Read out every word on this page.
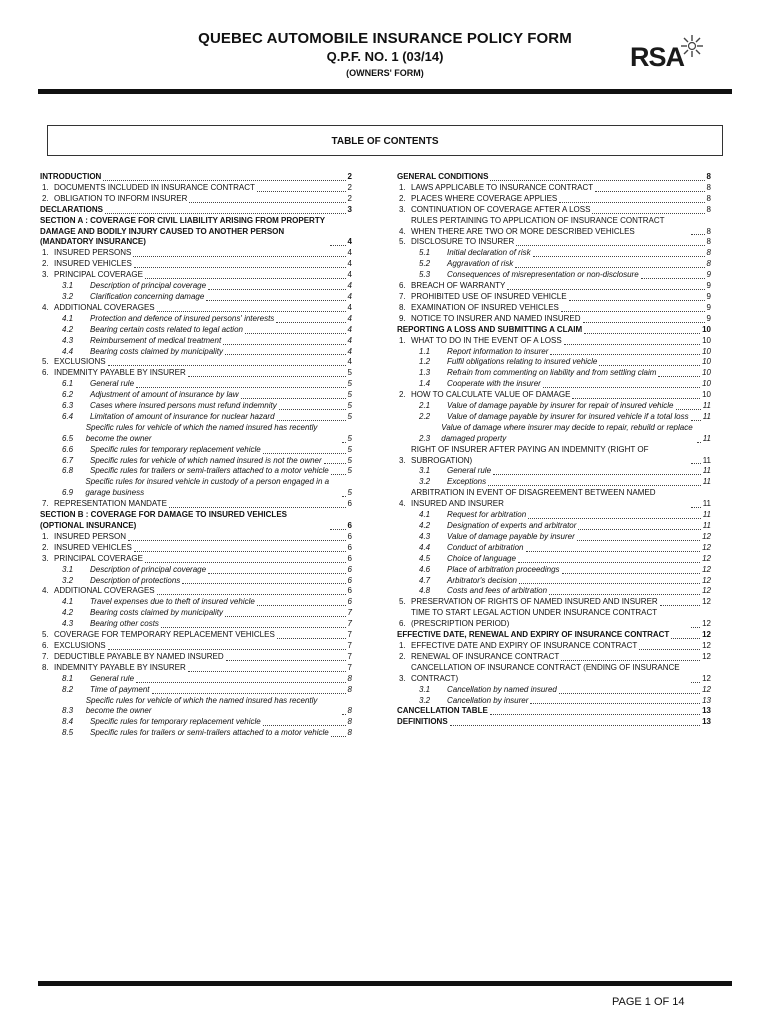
QUEBEC AUTOMOBILE INSURANCE POLICY FORM
Q.P.F. NO. 1 (03/14)
(OWNERS' FORM)
RSA
TABLE OF CONTENTS
INTRODUCTION	2
1. DOCUMENTS INCLUDED IN INSURANCE CONTRACT	2
2. OBLIGATION TO INFORM INSURER	2
DECLARATIONS	3
SECTION A : COVERAGE FOR CIVIL LIABILITY ARISING FROM PROPERTY DAMAGE AND BODILY INJURY CAUSED TO ANOTHER PERSON (MANDATORY INSURANCE)	4
1. INSURED PERSONS	4
2. INSURED VEHICLES	4
3. PRINCIPAL COVERAGE	4
3.1	Description of principal coverage	4
3.2	Clarification concerning damage	4
4. ADDITIONAL COVERAGES	4
4.1	Protection and defence of insured persons' interests	4
4.2	Bearing certain costs related to legal action	4
4.3	Reimbursement of medical treatment	4
4.4	Bearing costs claimed by municipality	4
5. EXCLUSIONS	4
6. INDEMNITY PAYABLE BY INSURER	5
6.1	General rule	5
6.2	Adjustment of amount of insurance by law	5
6.3	Cases where insured persons must refund indemnity	5
6.4	Limitation of amount of insurance for nuclear hazard	5
6.5
Specific rules for vehicle of which the named insured has recently become the owner	5
6.6	Specific rules for temporary replacement vehicle	5
6.7	Specific rules for vehicle of which named insured is not the owner	5
6.8	Specific rules for trailers or semi-trailers attached to a motor vehicle 5
6.9
Specific rules for insured vehicle in custody of a person engaged in a garage business	5
7. REPRESENTATION MANDATE	6
SECTION B : COVERAGE FOR DAMAGE TO INSURED VEHICLES (OPTIONAL INSURANCE)	6
1. INSURED PERSON	6
2. INSURED VEHICLES	6
3. PRINCIPAL COVERAGE	6
3.1	Description of principal coverage	6
3.2	Description of protections	6
4. ADDITIONAL COVERAGES	6
4.1	Travel expenses due to theft of insured vehicle	6
4.2	Bearing costs claimed by municipality	7
4.3	Bearing other costs	7
5. COVERAGE FOR TEMPORARY REPLACEMENT VEHICLES	7
6. EXCLUSIONS	7
7. DEDUCTIBLE PAYABLE BY NAMED INSURED	7
8. INDEMNITY PAYABLE BY INSURER	7
8.1	General rule	8
8.2	Time of payment	8
8.3
Specific rules for vehicle of which the named insured has recently become the owner	8
8.4	Specific rules for temporary replacement vehicle	8
8.5	Specific rules for trailers or semi-trailers attached to a motor vehicle 8
GENERAL CONDITIONS	8
1. LAWS APPLICABLE TO INSURANCE CONTRACT	8
2. PLACES WHERE COVERAGE APPLIES	8
3. CONTINUATION OF COVERAGE AFTER A LOSS	8
4.
RULES PERTAINING TO APPLICATION OF INSURANCE CONTRACT WHEN THERE ARE TWO OR MORE DESCRIBED VEHICLES	8
5. DISCLOSURE TO INSURER	8
5.1	Initial declaration of risk	8
5.2	Aggravation of risk	8
5.3	Consequences of misrepresentation or non-disclosure	9
6. BREACH OF WARRANTY	9
7. PROHIBITED USE OF INSURED VEHICLE	9
8. EXAMINATION OF INSURED VEHICLES	9
9. NOTICE TO INSURER AND NAMED INSURED	9
REPORTING A LOSS AND SUBMITTING A CLAIM	10
1. WHAT TO DO IN THE EVENT OF A LOSS	10
1.1	Report information to insurer	10
1.2	Fulfil obligations relating to insured vehicle	10
1.3	Refrain from commenting on liability and from settling claim	10
1.4	Cooperate with the insurer	10
2. HOW TO CALCULATE VALUE OF DAMAGE	10
2.1	Value of damage payable by insurer for repair of insured vehicle	11
2.2	Value of damage payable by insurer for insured vehicle if a total loss 11
2.3
Value of damage where insurer may decide to repair, rebuild or replace damaged property	11
3.
RIGHT OF INSURER AFTER PAYING AN INDEMNITY (RIGHT OF SUBROGATION)	11
3.1	General rule	11
3.2	Exceptions	11
4.
ARBITRATION IN EVENT OF DISAGREEMENT BETWEEN NAMED INSURED AND INSURER	11
4.1	Request for arbitration	11
4.2	Designation of experts and arbitrator	11
4.3	Value of damage payable by insurer	12
4.4	Conduct of arbitration	12
4.5	Choice of language	12
4.6	Place of arbitration proceedings	12
4.7	Arbitrator's decision	12
4.8	Costs and fees of arbitration	12
5. PRESERVATION OF RIGHTS OF NAMED INSURED AND INSURER	12
6.
TIME TO START LEGAL ACTION UNDER INSURANCE CONTRACT (PRESCRIPTION PERIOD)	12
EFFECTIVE DATE, RENEWAL AND EXPIRY OF INSURANCE CONTRACT	12
1. EFFECTIVE DATE AND EXPIRY OF INSURANCE CONTRACT	12
2. RENEWAL OF INSURANCE CONTRACT	12
3.
CANCELLATION OF INSURANCE CONTRACT (ENDING OF INSURANCE CONTRACT)	12
3.1	Cancellation by named insured	12
3.2	Cancellation by insurer	13
CANCELLATION TABLE	13
DEFINITIONS	13
PAGE 1 OF 14
